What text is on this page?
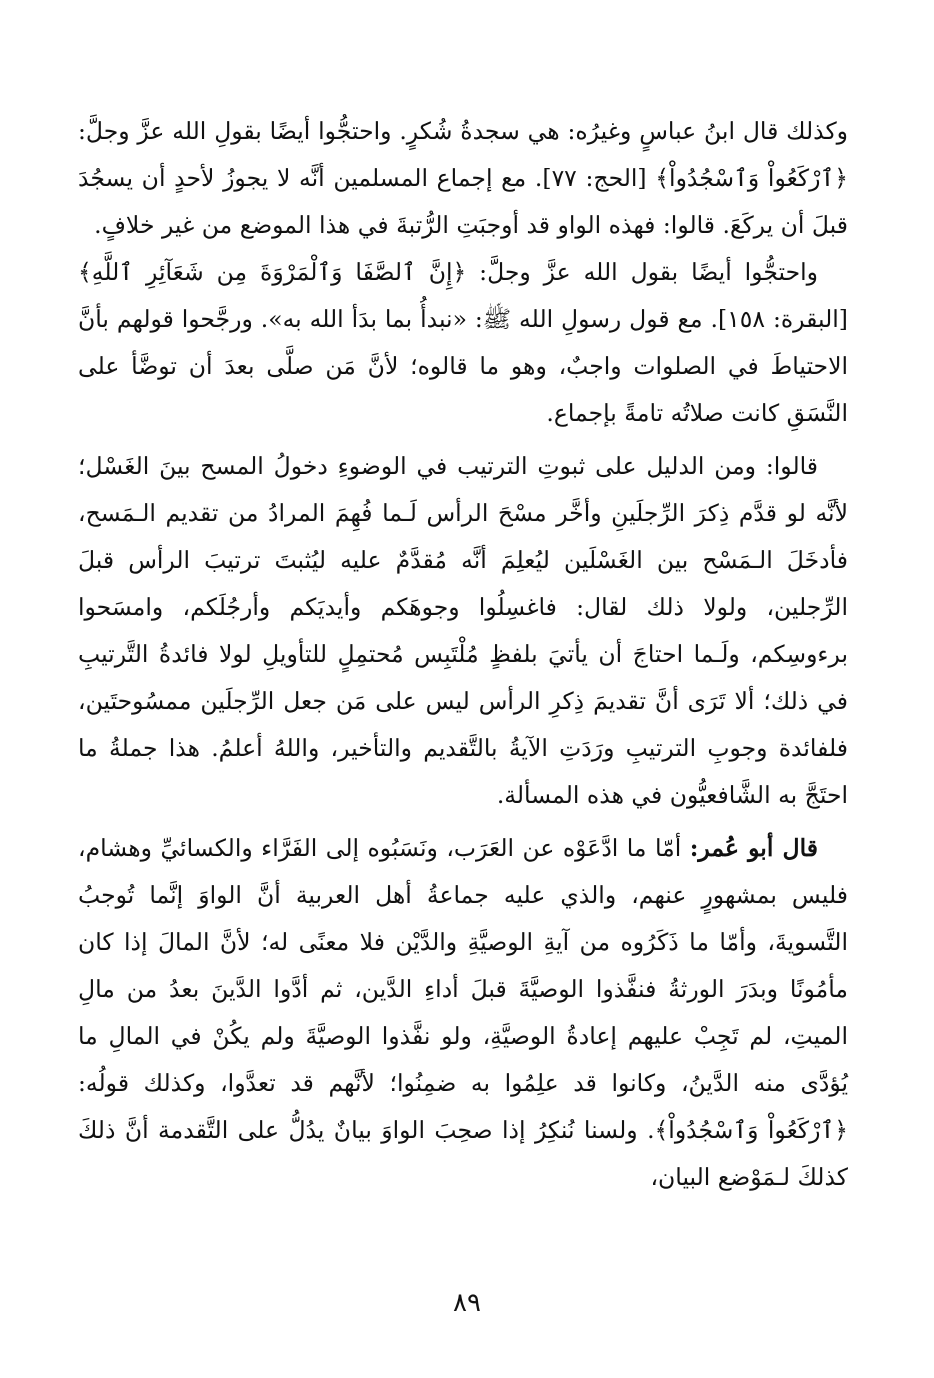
وكذلك قال ابنُ عباسٍ وغيرُه: هي سجدةُ شُكرٍ. واحتجُّوا أيضًا بقولِ الله عزَّ وجلَّ: ﴿ٱرْكَعُواْ وَٱسْجُدُواْ﴾ [الحج: ٧٧]. مع إجماع المسلمين أنَّه لا يجوزُ لأحدٍ أن يسجُدَ قبلَ أن يركَعَ. قالوا: فهذه الواو قد أوجبَتِ الرُّتبةَ في هذا الموضع من غير خلافٍ.

واحتجُّوا أيضًا بقول الله عزَّ وجلَّ: ﴿إِنَّ ٱلصَّفَا وَٱلْمَرْوَةَ مِن شَعَآئِرِ ٱللَّهِ﴾ [البقرة: ١٥٨]. مع قول رسولِ الله ﷺ: «نبدأُ بما بدَأ الله به». ورجَّحوا قولهم بأنَّ الاحتياطَ في الصلوات واجبٌ، وهو ما قالوه؛ لأنَّ مَن صلَّى بعدَ أن توضَّأ على النَّسَقِ كانت صلاتُه تامةً بإجماع.

قالوا: ومن الدليل على ثبوتِ الترتيب في الوضوءِ دخولُ المسح بينَ الغَسْل؛ لأنَّه لو قدَّم ذِكرَ الرِّجلَينِ وأخَّر مسْحَ الرأس لَـما فُهِمَ المرادُ من تقديم الـمَسح، فأدخَلَ الـمَسْح بين الغَسْلَين ليُعلِمَ أنَّه مُقدَّمٌ عليه ليُثبتَ ترتيبَ الرأس قبلَ الرِّجلين، ولولا ذلك لقال: فاغسِلُوا وجوهَكم وأيديَكم وأرجُلَكم، وامسَحوا برءوسِكم، ولَـما احتاجَ أن يأتيَ بلفظٍ مُلْتَبِس مُحتمِلٍ للتأويلِ لولا فائدةُ التَّرتيبِ في ذلك؛ ألا تَرَى أنَّ تقديمَ ذِكرِ الرأس ليس على مَن جعل الرِّجلَين ممسُوحتَين، فلفائدة وجوبِ الترتيبِ ورَدَتِ الآيةُ بالتَّقديم والتأخير، واللهُ أعلمُ. هذا جملةُ ما احتَجَّ به الشَّافعيُّون في هذه المسألة.

قال أبو عُمر: أمّا ما ادَّعَوْه عن العَرَب، ونَسَبُوه إلى الفَرَّاء والكسائيِّ وهشام، فليس بمشهورٍ عنهم، والذي عليه جماعةُ أهل العربية أنَّ الواوَ إنَّما تُوجبُ التَّسويةَ، وأمّا ما ذَكَرُوه من آيةِ الوصيَّةِ والدَّيْن فلا معنًى له؛ لأنَّ المالَ إذا كان مأمُونًا وبدَرَ الورثةُ فنفَّذوا الوصيَّةَ قبلَ أداءِ الدَّين، ثم أدَّوا الدَّينَ بعدُ من مالِ الميتِ، لم تَجِبْ عليهم إعادةُ الوصيَّةِ، ولو نفَّذوا الوصيَّةَ ولم يكُنْ في المالِ ما يُؤدَّى منه الدَّينُ، وكانوا قد علِمُوا به ضمِنُوا؛ لأنَّهم قد تعدَّوا، وكذلك قولُه: ﴿ٱرْكَعُواْ وَٱسْجُدُواْ﴾. ولسنا نُنكِرُ إذا صحِبَ الواوَ بيانٌ يدُلُّ على التَّقدمة أنَّ ذلكَ كذلكَ لـمَوْضع البيان،

٨٩
